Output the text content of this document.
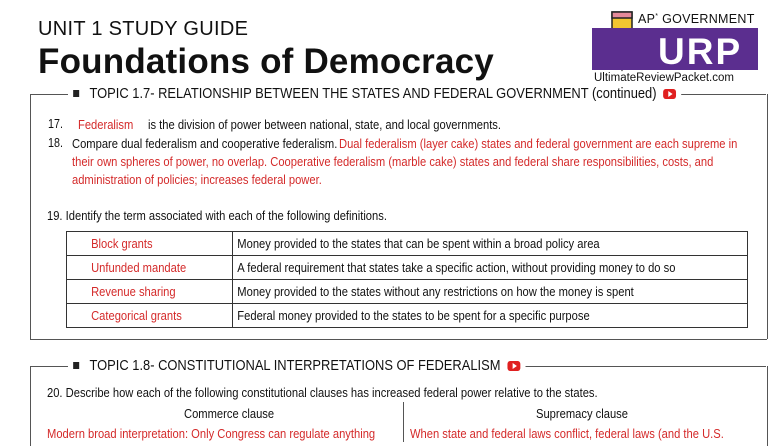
UNIT 1 STUDY GUIDE
Foundations of Democracy
AP* GOVERNMENT
URP
UltimateReviewPacket.com
TOPIC 1.7- RELATIONSHIP BETWEEN THE STATES AND FEDERAL GOVERNMENT (continued)
17. Federalism is the division of power between national, state, and local governments.
18. Compare dual federalism and cooperative federalism. Dual federalism (layer cake) states and federal government are each supreme in
their own spheres of power, no overlap. Cooperative federalism (marble cake) states and federal share responsibilities, costs, and
administration of policies; increases federal power.
19. Identify the term associated with each of the following definitions.
Block grants	Money provided to the states that can be spent within a broad policy area
Unfunded mandate	A federal requirement that states take a specific action, without providing money to do so
Revenue sharing	Money provided to the states without any restrictions on how the money is spent
Categorical grants	Federal money provided to the states to be spent for a specific purpose
TOPIC 1.8- CONSTITUTIONAL INTERPRETATIONS OF FEDERALISM
20. Describe how each of the following constitutional clauses has increased federal power relative to the states.
Commerce clause	Supremacy clause
Modern broad interpretation: Only Congress can regulate anything	When state and federal laws conflict, federal laws (and the U.S.
